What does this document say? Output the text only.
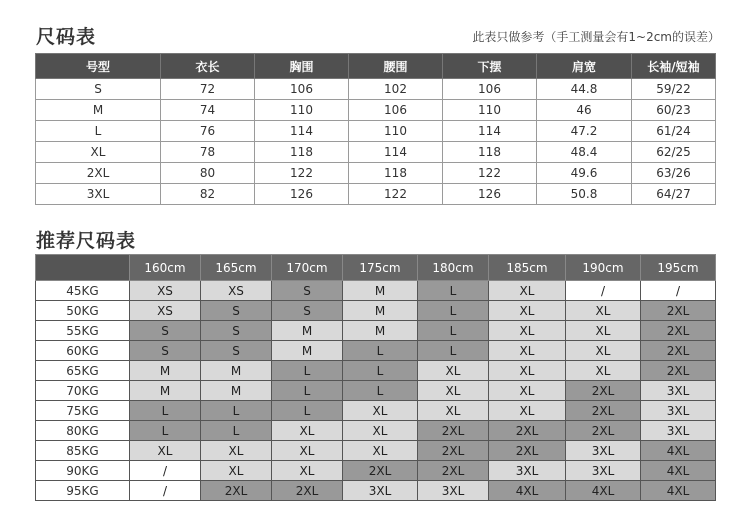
尺码表	此表只做参考（手工测量会有1~2cm的误差）
号型	衣长	胸围	腰围	下摆	肩宽	长袖/短袖
S	72	106	102	106	44.8	59/22
M	74	110	106	110	46	60/23
L	76	114	110	114	47.2	61/24
XL	78	118	114	118	48.4	62/25
2XL	80	122	118	122	49.6	63/26
3XL	82	126	122	126	50.8	64/27
推荐尺码表
	160cm	165cm	170cm	175cm	180cm	185cm	190cm	195cm
45KG	XS	XS	S	M	L	XL	/	/
50KG	XS	S	S	M	L	XL	XL	2XL
55KG	S	S	M	M	L	XL	XL	2XL
60KG	S	S	M	L	L	XL	XL	2XL
65KG	M	M	L	L	XL	XL	XL	2XL
70KG	M	M	L	L	XL	XL	2XL	3XL
75KG	L	L	L	XL	XL	XL	2XL	3XL
80KG	L	L	XL	XL	2XL	2XL	2XL	3XL
85KG	XL	XL	XL	XL	2XL	2XL	3XL	4XL
90KG	/	XL	XL	2XL	2XL	3XL	3XL	4XL
95KG	/	2XL	2XL	3XL	3XL	4XL	4XL	4XL
